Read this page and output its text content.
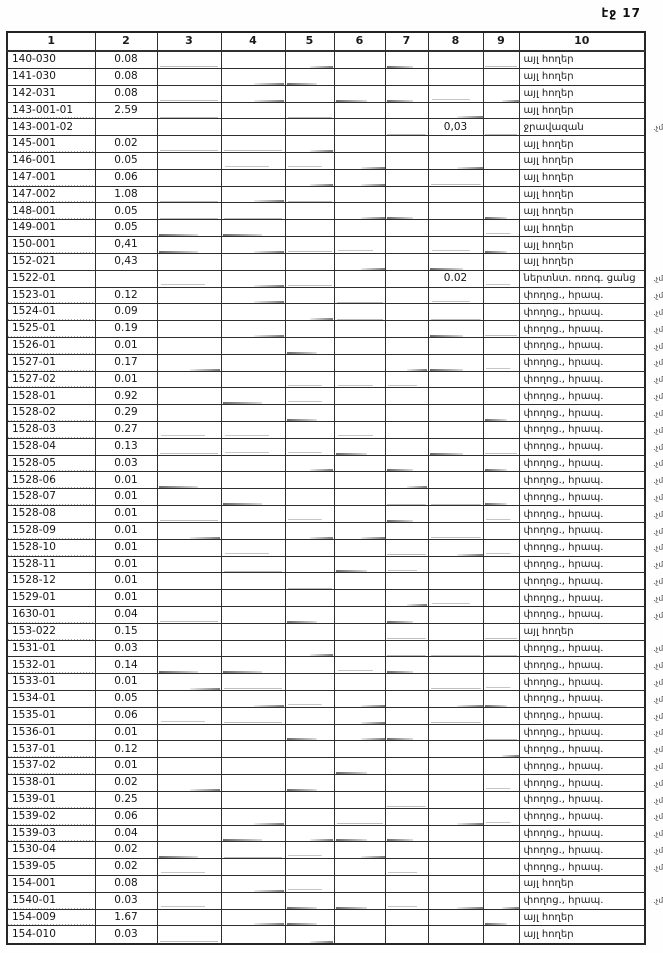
էջ 17
1	2	3	4	5	6	7	8	9	10
140-030	0.08								այլ հողեր
141-030	0.08								այլ հողեր
142-031	0.08								այլ հողեր
143-001-01	2.59								այլ հողեր
143-001-02							0,03		ջրավազան .չմ

145-001	0.02								այլ հողեր
146-001	0.05								այլ հողեր
147-001	0.06								այլ հողեր
147-002	1.08								այլ հողեր
148-001	0.05								այլ հողեր
149-001	0.05								այլ հողեր
150-001	0,41								այլ հողեր
152-021	0,43								այլ հողեր
1522-01							0.02		ներտնտ. ոռոգ. ցանց .չմ

1523-01	0.12								փողոց., հրապ. .չմ

1524-01	0.09								փողոց., հրապ. .չմ

1525-01	0.19								փողոց., հրապ. .չմ

1526-01	0.01								փողոց., հրապ. .չմ

1527-01	0.17								փողոց., հրապ. .չմ

1527-02	0.01								փողոց., հրապ. .չմ

1528-01	0.92								փողոց., հրապ. .չմ

1528-02	0.29								փողոց., հրապ. .չմ

1528-03	0.27								փողոց., հրապ. .չմ

1528-04	0.13								փողոց., հրապ. .չմ

1528-05	0.03								փողոց., հրապ. .չմ

1528-06	0.01								փողոց., հրապ. .չմ

1528-07	0.01								փողոց., հրապ. .չմ

1528-08	0.01								փողոց., հրապ. .չմ

1528-09	0.01								փողոց., հրապ. .չմ

1528-10	0.01								փողոց., հրապ. .չմ

1528-11	0.01								փողոց., հրապ. .չմ

1528-12	0.01								փողոց., հրապ. .չմ

1529-01	0.01								փողոց., հրապ. .չմ

1630-01	0.04								փողոց., հրապ. .չմ

153-022	0.15								այլ հողեր
1531-01	0.03								փողոց., հրապ. .չմ

1532-01	0.14								փողոց., հրապ. .չմ

1533-01	0.01								փողոց., հրապ. .չմ

1534-01	0.05								փողոց., հրապ. .չմ

1535-01	0.06								փողոց., հրապ. .չմ

1536-01	0.01								փողոց., հրապ. .չմ

1537-01	0.12								փողոց., հրապ. .չմ

1537-02	0.01								փողոց., հրապ. .չմ

1538-01	0.02								փողոց., հրապ. .չմ

1539-01	0.25								փողոց., հրապ. .չմ

1539-02	0.06								փողոց., հրապ. .չմ

1539-03	0.04								փողոց., հրապ. .չմ

1530-04	0.02								փողոց., հրապ. .չմ

1539-05	0.02								փողոց., հրապ. .չմ

154-001	0.08								այլ հողեր
1540-01	0.03								փողոց., հրապ. .չմ

154-009	1.67								այլ հողեր
154-010	0.03								այլ հողեր
